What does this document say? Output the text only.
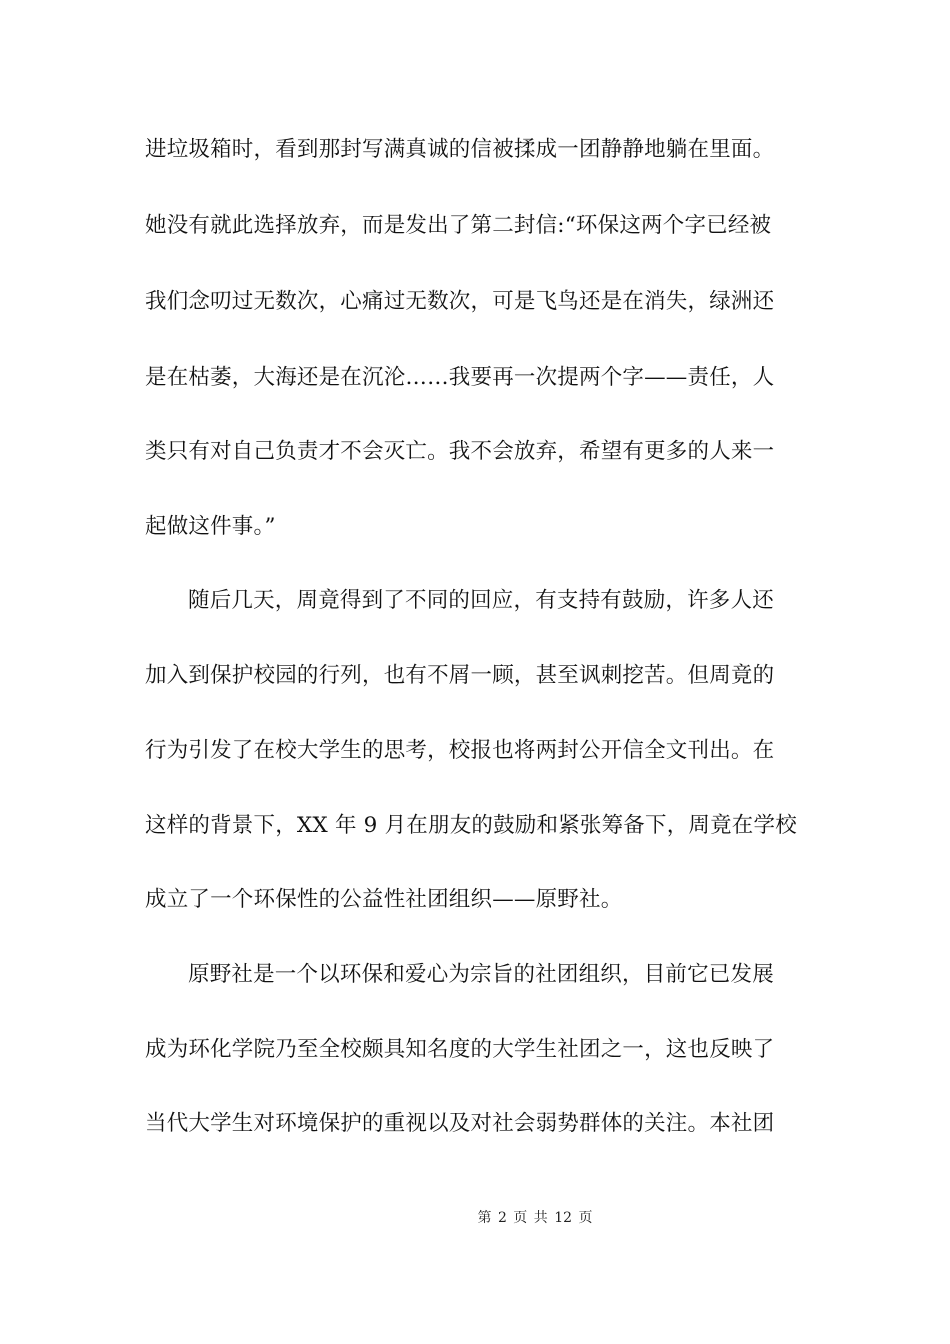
进垃圾箱时，看到那封写满真诚的信被揉成一团静静地躺在里面。
她没有就此选择放弃，而是发出了第二封信:“环保这两个字已经被
我们念叨过无数次，心痛过无数次，可是飞鸟还是在消失，绿洲还
是在枯萎，大海还是在沉沦……我要再一次提两个字——责任，人
类只有对自己负责才不会灭亡。我不会放弃，希望有更多的人来一
起做这件事。”
随后几天，周竟得到了不同的回应，有支持有鼓励，许多人还
加入到保护校园的行列，也有不屑一顾，甚至讽刺挖苦。但周竟的
行为引发了在校大学生的思考，校报也将两封公开信全文刊出。在
这样的背景下，XX 年 9 月在朋友的鼓励和紧张筹备下，周竟在学校
成立了一个环保性的公益性社团组织——原野社。
原野社是一个以环保和爱心为宗旨的社团组织，目前它已发展
成为环化学院乃至全校颇具知名度的大学生社团之一，这也反映了
当代大学生对环境保护的重视以及对社会弱势群体的关注。本社团
第 2 页 共 12 页
